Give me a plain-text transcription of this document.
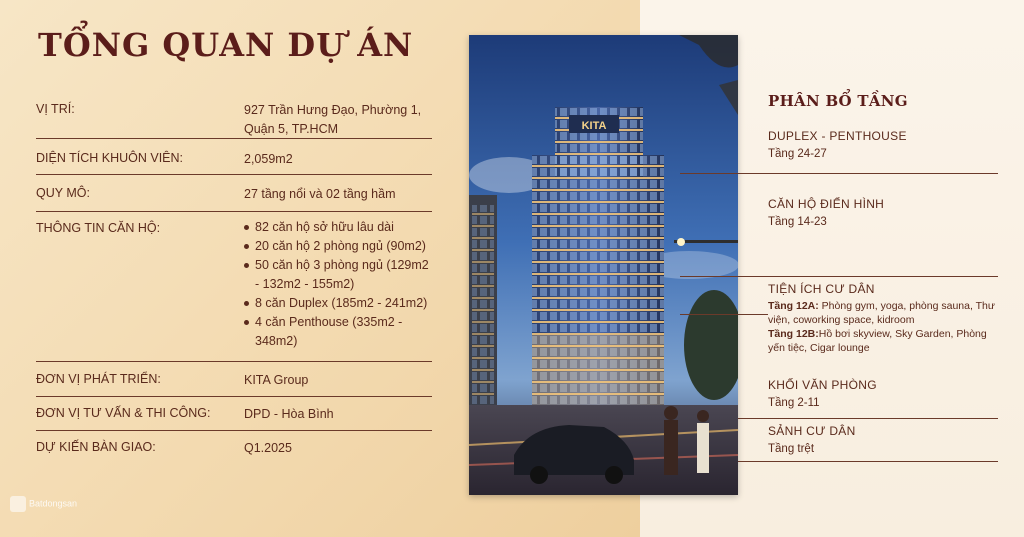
TỔNG QUAN DỰ ÁN
VỊ TRÍ:	927 Trần Hưng Đạo, Phường 1, Quận 5, TP.HCM
DIỆN TÍCH KHUÔN VIÊN:	2,059m2
QUY MÔ:	27 tầng nổi và 02 tầng hầm
THÔNG TIN CĂN HỘ:	82 căn hộ sở hữu lâu dài
20 căn hộ 2 phòng ngủ (90m2)
50 căn hộ 3 phòng ngủ (129m2 - 132m2 - 155m2)
8 căn Duplex (185m2 - 241m2)
4 căn Penthouse (335m2 - 348m2)
ĐƠN VỊ PHÁT TRIỂN:	KITA Group
ĐƠN VỊ TƯ VẤN & THI CÔNG:	DPD - Hòa Bình
DỰ KIẾN BÀN GIAO:	Q1.2025
KITA
PHÂN BỔ TẦNG
DUPLEX - PENTHOUSE
Tầng 24-27
CĂN HỘ ĐIỂN HÌNH
Tầng 14-23
TIỆN ÍCH CƯ DÂN
Tầng 12A: Phòng gym, yoga, phòng sauna, Thư viện, coworking space, kidroom
Tầng 12B:Hồ bơi skyview, Sky Garden, Phòng yến tiệc, Cigar lounge
KHỐI VĂN PHÒNG
Tầng 2-11
SẢNH CƯ DÂN
Tầng trệt
Batdongsan
